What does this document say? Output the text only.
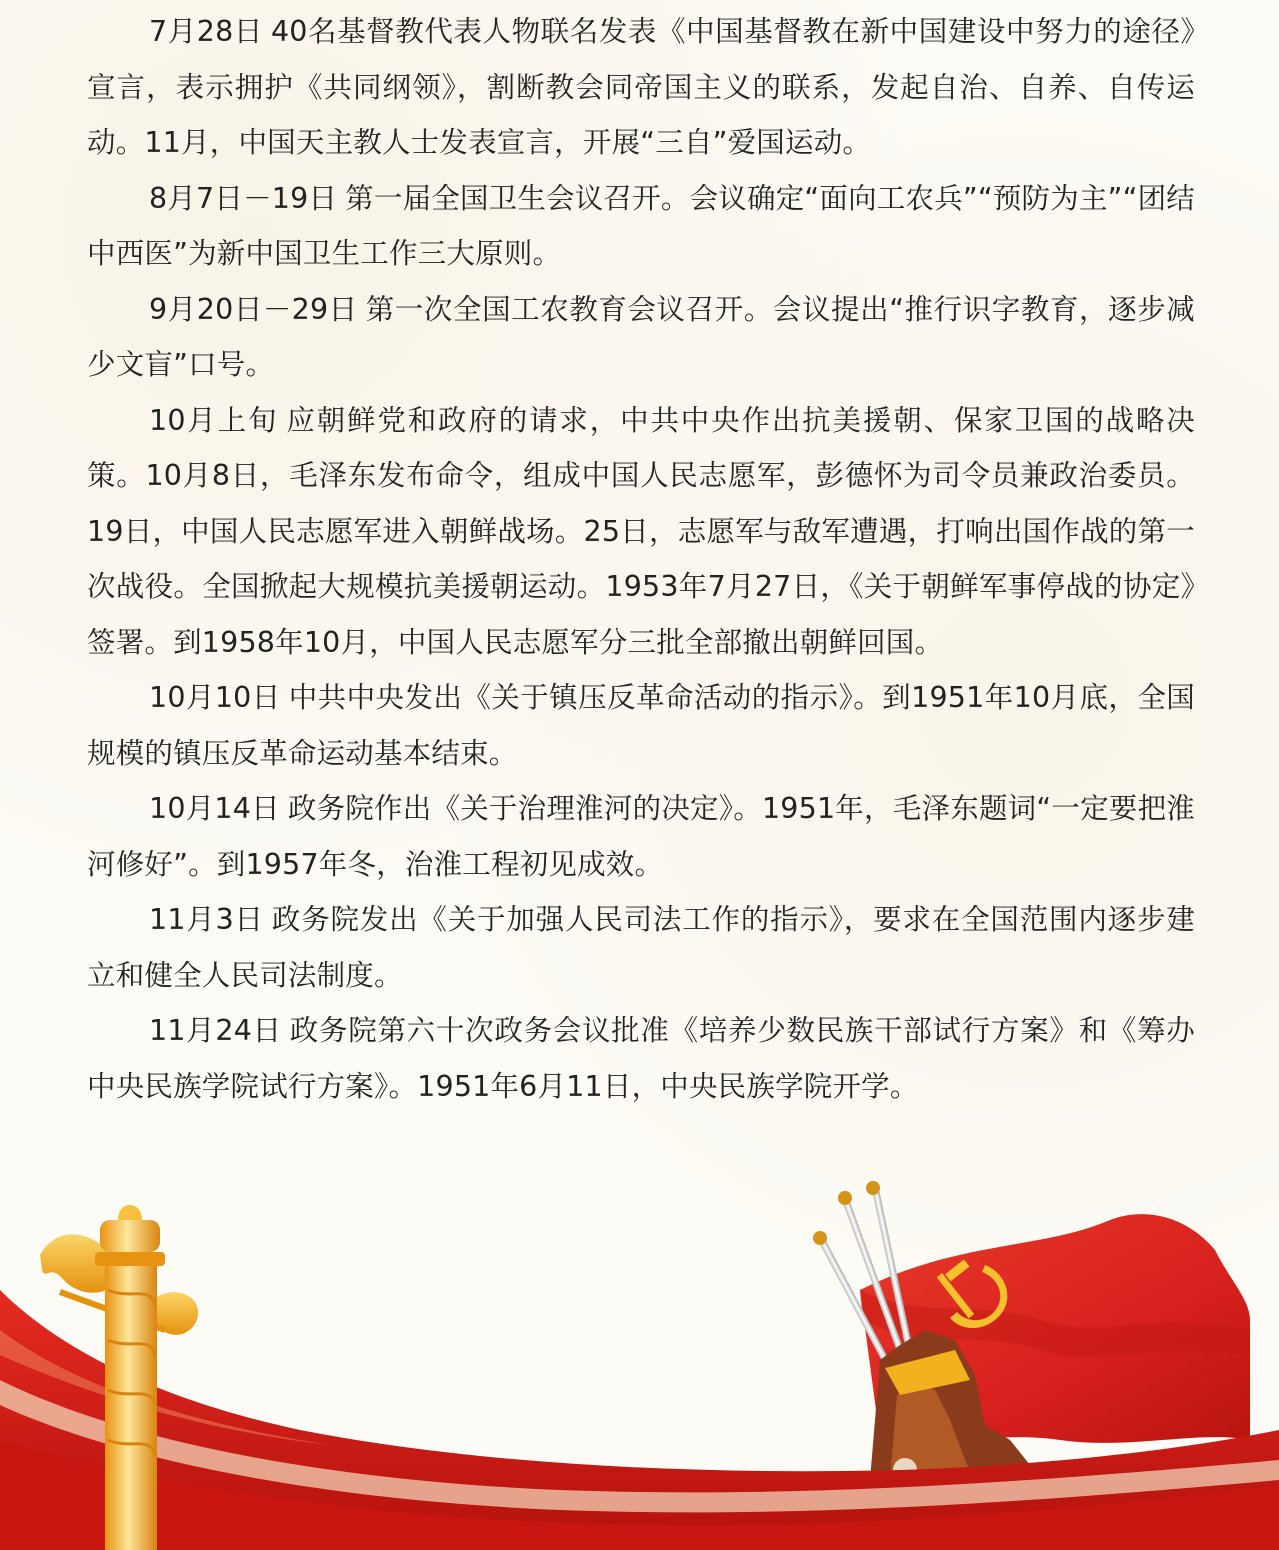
7月28日 40名基督教代表人物联名发表《中国基督教在新中国建设中努力的途径》宣言，表示拥护《共同纲领》，割断教会同帝国主义的联系，发起自治、自养、自传运动。11月，中国天主教人士发表宣言，开展“三自”爱国运动。

8月7日－19日 第一届全国卫生会议召开。会议确定“面向工农兵”“预防为主”“团结中西医”为新中国卫生工作三大原则。

9月20日－29日 第一次全国工农教育会议召开。会议提出“推行识字教育，逐步减少文盲”口号。

10月上旬 应朝鲜党和政府的请求，中共中央作出抗美援朝、保家卫国的战略决策。10月8日，毛泽东发布命令，组成中国人民志愿军，彭德怀为司令员兼政治委员。19日，中国人民志愿军进入朝鲜战场。25日，志愿军与敌军遭遇，打响出国作战的第一次战役。全国掀起大规模抗美援朝运动。1953年7月27日，《关于朝鲜军事停战的协定》签署。到1958年10月，中国人民志愿军分三批全部撤出朝鲜回国。

10月10日 中共中央发出《关于镇压反革命活动的指示》。到1951年10月底，全国规模的镇压反革命运动基本结束。

10月14日 政务院作出《关于治理淮河的决定》。1951年，毛泽东题词“一定要把淮河修好”。到1957年冬，治淮工程初见成效。

11月3日 政务院发出《关于加强人民司法工作的指示》，要求在全国范围内逐步建立和健全人民司法制度。

11月24日 政务院第六十次政务会议批准《培养少数民族干部试行方案》和《筹办中央民族学院试行方案》。1951年6月11日，中央民族学院开学。
